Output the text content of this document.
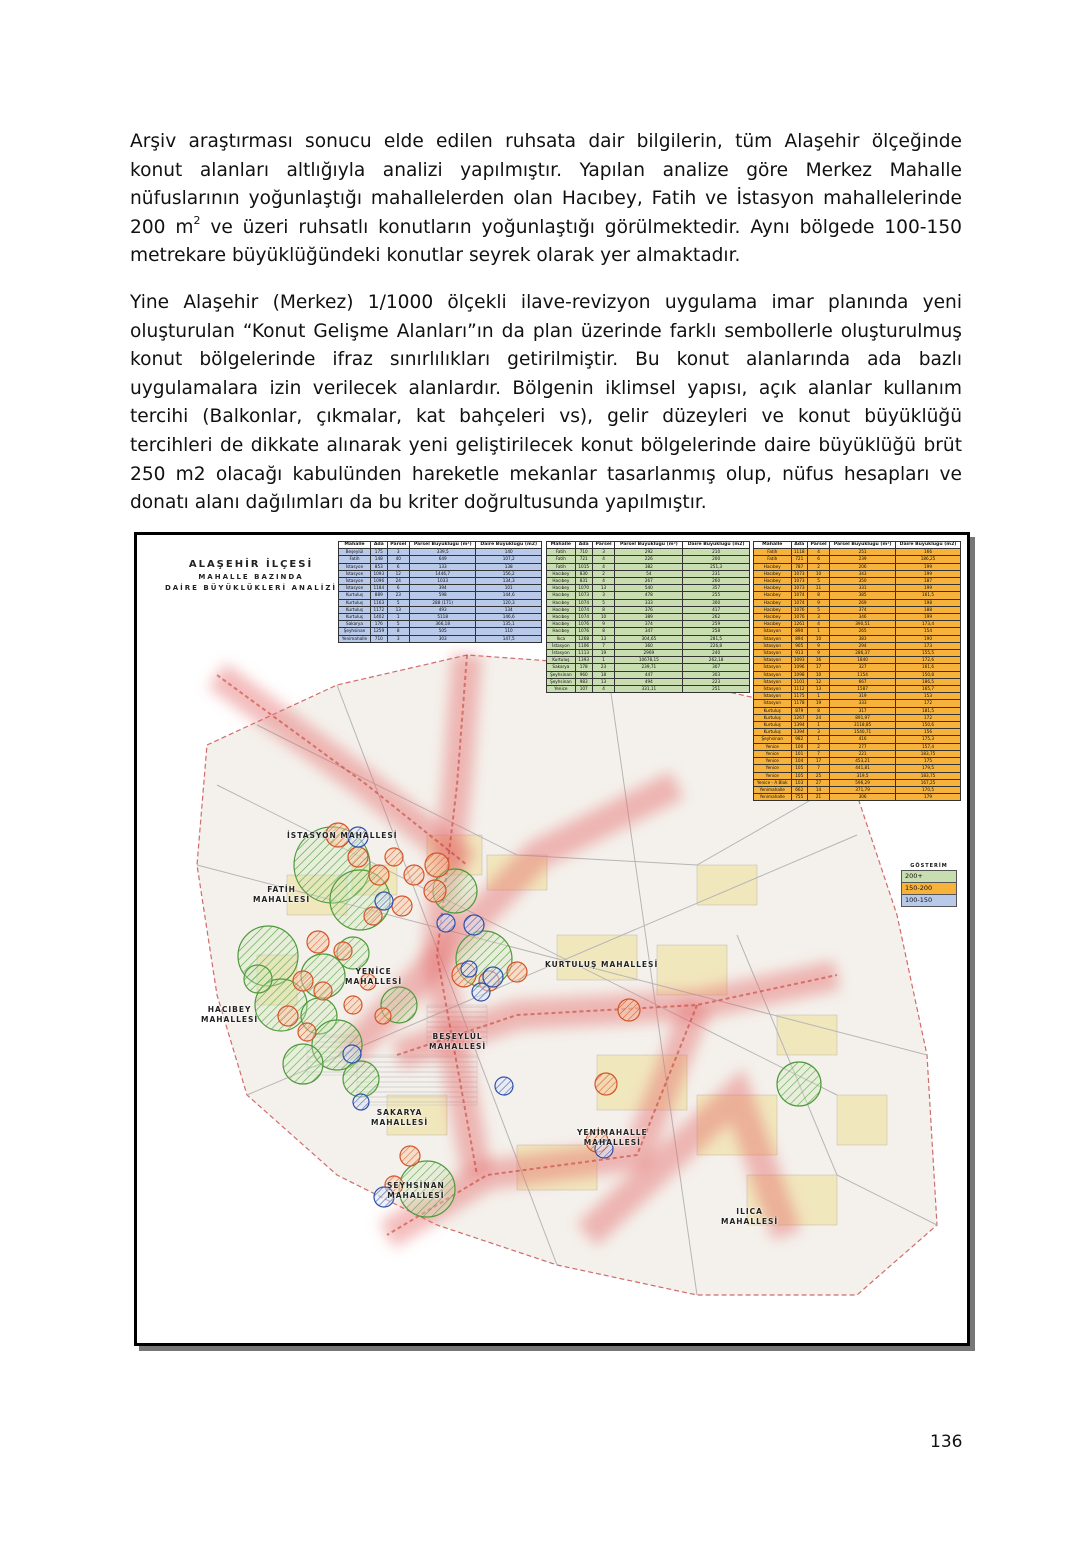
Arşiv araştırması sonucu elde edilen ruhsata dair bilgilerin, tüm Alaşehir ölçeğinde
konut alanları altlığıyla analizi yapılmıştır. Yapılan analize göre Merkez Mahalle
nüfuslarının yoğunlaştığı mahallelerden olan Hacıbey, Fatih ve İstasyon mahallelerinde
200 $m^2$ ve üzeri ruhsatlı konutların yoğunlaştığı görülmektedir. Aynı bölgede 100-150
metrekare büyüklüğündeki konutlar seyrek olarak yer almaktadır.
Yine Alaşehir (Merkez) 1/1000 ölçekli ilave-revizyon uygulama imar planında yeni
oluşturulan “Konut Gelişme Alanları”ın da plan üzerinde farklı sembollerle oluşturulmuş
konut bölgelerinde ifraz sınırlılıkları getirilmiştir. Bu konut alanlarında ada bazlı
uygulamalara izin verilecek alanlardır. Bölgenin iklimsel yapısı, açık alanlar kullanım
tercihi (Balkonlar, çıkmalar, kat bahçeleri vs), gelir düzeyleri ve konut büyüklüğü
tercihleri de dikkate alınarak yeni geliştirilecek konut bölgelerinde daire büyüklüğü brüt
250 m2 olacağı kabulünden hareketle mekanlar tasarlanmış olup, nüfus hesapları ve
donatı alanı dağılımları da bu kriter doğrultusunda yapılmıştır.
ALAŞEHİR İLÇESİ
MAHALLE BAZINDA
DAİRE BÜYÜKLÜKLERİ ANALİZİ
Mahalle	Ada	Parsel	Parsel Büyüklüğü (m²)	Daire Büyüklüğü (m2)
Beşeylül	175	3	339,5	140
Fatih	148	40	649	107,2
İstasyon	853	6	133	138
İstasyon	1093	12	1446,7	156,2
İstasyon	1096	24	1033	134,3
İstasyon	1184	6	394	101
Kurtuluş	889	23	598	144,6
Kurtuluş	1163	5	288 (171)	120,3
Kurtuluş	1172	13	493	134
Kurtuluş	1402	1	5118	146,6
Sakarya	176	5	366,18	135,1
Şeyhsinan	1259	8	505	110
Yenimahalle	710	3	303	147,5
Mahalle	Ada	Parsel	Parsel Büyüklüğü (m²)	Daire Büyüklüğü (m2)
Fatih	710	3	292	210
Fatih	721	4	226	200
Fatih	1015	4	382	251,3
Hacıbey	830	2	54	231
Hacıbey	831	4	267	260
Hacıbey	1070	13	540	357
Hacıbey	1073	3	478	255
Hacıbey	1074	5	333	300
Hacıbey	1074	8	376	417
Hacıbey	1074	10	389	262
Hacıbey	1076	9	374	259
Hacıbey	1076	8	347	258
Ilıca	1268	13	304,65	281,5
İstasyon	1106	7	360	226,8
İstasyon	1113	19	2969	240
Kurtuluş	1393	1	10678,15	262,18
Sakarya	178	23	239,71	307
Şeyhsinan	960	18	447	303
Şeyhsinan	983	13	494	223
Yenice	107	4	331,11	251
Mahalle	Ada	Parsel	Parsel Büyüklüğü (m²)	Daire Büyüklüğü (m2)
Fatih	1118	4	251	166
Fatih	721	6	239	186,25
Hacıbey	787	2	206	199
Hacıbey	1073	10	343	199
Hacıbey	1073	5	350	187
Hacıbey	1073	11	331	199
Hacıbey	1074	8	385	161,5
Hacıbey	1074	9	269	198
Hacıbey	1076	5	374	188
Hacıbey	1076	3	346	199
Hacıbey	1261	4	390,51	173,4
İstasyon	890	1	265	154
İstasyon	894	10	383	190
İstasyon	905	9	294	173
İstasyon	913	9	286,37	155,5
İstasyon	1093	16	1840	172,6
İstasyon	1096	17	327	161,6
İstasyon	1098	10	1154	150,8
İstasyon	1101	12	667	186,5
İstasyon	1112	13	1587	165,7
İstasyon	1175	1	319	153
İstasyon	1178	19	333	172
Kurtuluş	879	8	317	181,5
Kurtuluş	1267	24	891,97	172
Kurtuluş	1394	1	3118,85	150,6
Kurtuluş	1394	3	1540,71	156
Şeyhsinan	982	1	416	175,3
Yenice	100	2	277	157,4
Yenice	101	7	221	183,75
Yenice	104	17	453,21	175
Yenice	105	7	441,81	179,5
Yenice	105	25	319,5	183,75
Yenice - A Blok	103	27	596,29	167,25
Yenimahalle	662	14	371,79	170,5
Yenimahalle	755	21	306	179
İSTASYON MAHALLESİ
FATİH
MAHALLESİ
HACIBEY
MAHALLESİ
YENİCE
MAHALLESİ
KURTULUŞ MAHALLESİ
BEŞEYLÜL
MAHALLESİ
SAKARYA
MAHALLESİ
YENİMAHALLE
MAHALLESİ
ŞEYHSİNAN
MAHALLESİ
ILICA
MAHALLESİ
GÖSTERİM
200+
150-200
100-150
136
